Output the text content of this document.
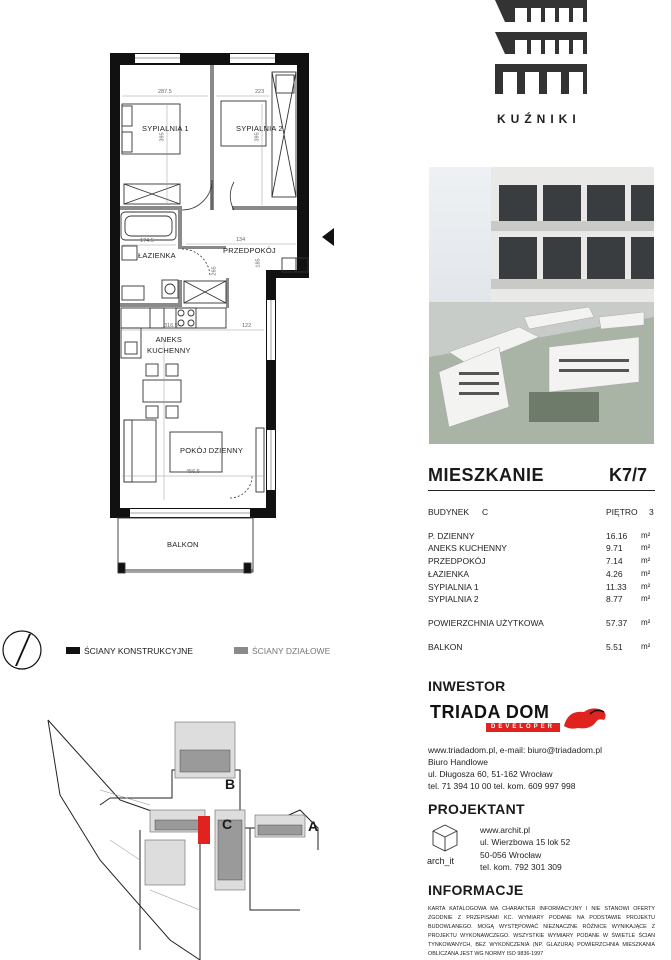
SYPIALNIA 1	SYPIALNIA 2
ŁAZIENKA
PRZEDPOKÓJ
ANEKS
KUCHENNY
POKÓJ DZIENNY
BALKON
287.5	223
395	395
174.5	134
265
316.5	122
456.5
185
ŚCIANY KONSTRUKCYJNE	ŚCIANY DZIAŁOWE
B
C	A
KUŹNIKI
MIESZKANIE	K7/7
BUDYNEK C	PIĘTRO 3
P. DZIENNY	16.16 m²
ANEKS KUCHENNY	9.71 m²
PRZEDPOKÓJ	7.14 m²
ŁAZIENKA	4.26 m²
SYPIALNIA 1	11.33 m²
SYPIALNIA 2	8.77 m²
POWIERZCHNIA UŻYTKOWA	57.37 m²
BALKON	5.51 m²
INWESTOR
TRIADA DOM
DEVELOPER
www.triadadom.pl, e-mail: biuro@triadadom.pl
Biuro Handlowe
ul. Długosza 60, 51-162 Wrocław
tel. 71 394 10 00 tel. kom. 609 997 998
PROJEKTANT
arch_it
www.archit.pl
ul. Wierzbowa 15 lok 52
50-056 Wrocław
tel. kom. 792 301 309
INFORMACJE
KARTA KATALOGOWA MA CHARAKTER INFORMACYJNY I NIE STANOWI OFERTY ZGODNIE Z PRZEPISAMI KC. WYMIARY PODANE NA PODSTAWIE PROJEKTU BUDOWLANEGO. MOGĄ WYSTĘPOWAĆ NIEZNACZNE RÓŻNICE WYNIKAJĄCE Z PROJEKTU WYKONAWCZEGO. WSZYSTKIE WYMIARY PODANE W ŚWIETLE ŚCIAN TYNKOWANYCH, BEZ WYKOŃCZENIA (NP. GLAZURA) POWIERZCHNIA MIESZKANIA OBLICZANA JEST WG NORMY ISO 9836-1997
